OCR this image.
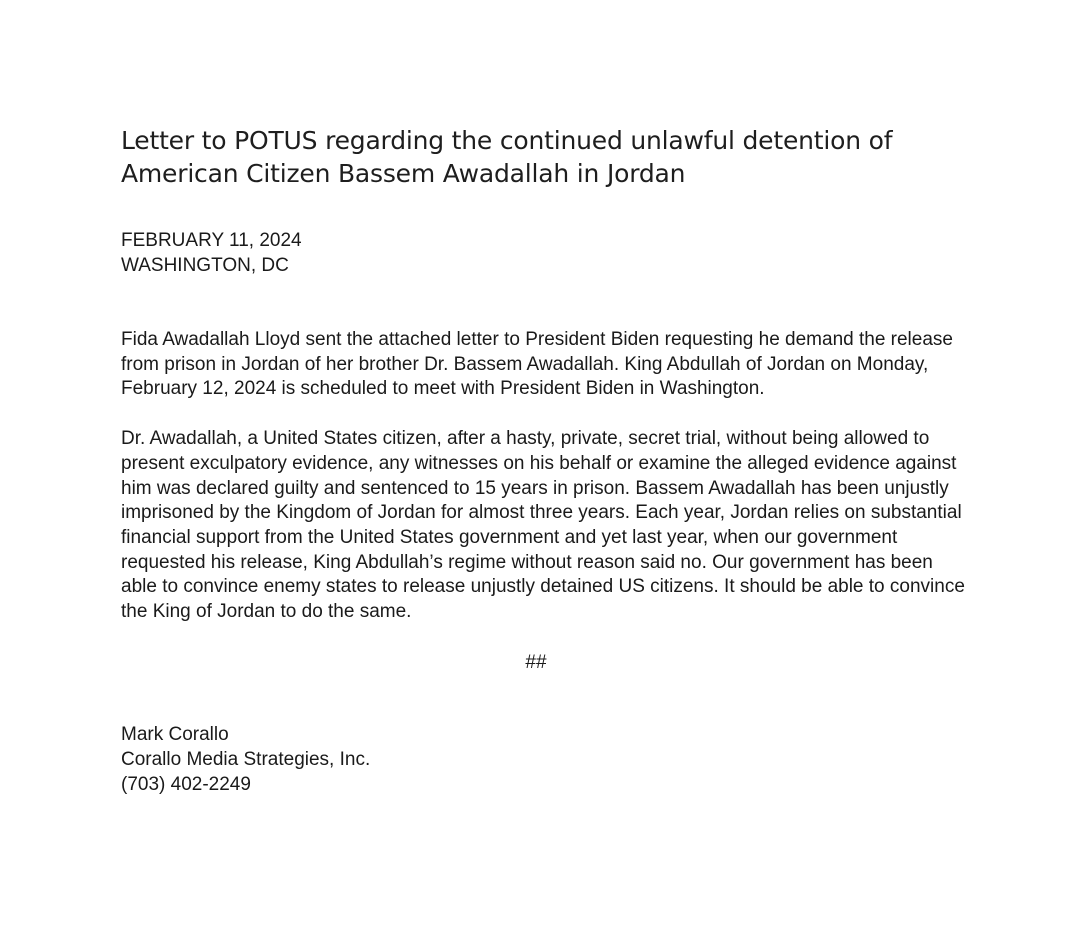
Letter to POTUS regarding the continued unlawful detention of American Citizen Bassem Awadallah in Jordan
FEBRUARY 11, 2024
WASHINGTON, DC

Fida Awadallah Lloyd sent the attached letter to President Biden requesting he demand the release from prison in Jordan of her brother Dr. Bassem Awadallah. King Abdullah of Jordan on Monday, February 12, 2024 is scheduled to meet with President Biden in Washington.

Dr. Awadallah, a United States citizen, after a hasty, private, secret trial, without being allowed to present exculpatory evidence, any witnesses on his behalf or examine the alleged evidence against him was declared guilty and sentenced to 15 years in prison. Bassem Awadallah has been unjustly imprisoned by the Kingdom of Jordan for almost three years. Each year, Jordan relies on substantial financial support from the United States government and yet last year, when our government requested his release, King Abdullah’s regime without reason said no. Our government has been able to convince enemy states to release unjustly detained US citizens. It should be able to convince the King of Jordan to do the same.

##
Mark Corallo
Corallo Media Strategies, Inc.
(703) 402-2249
